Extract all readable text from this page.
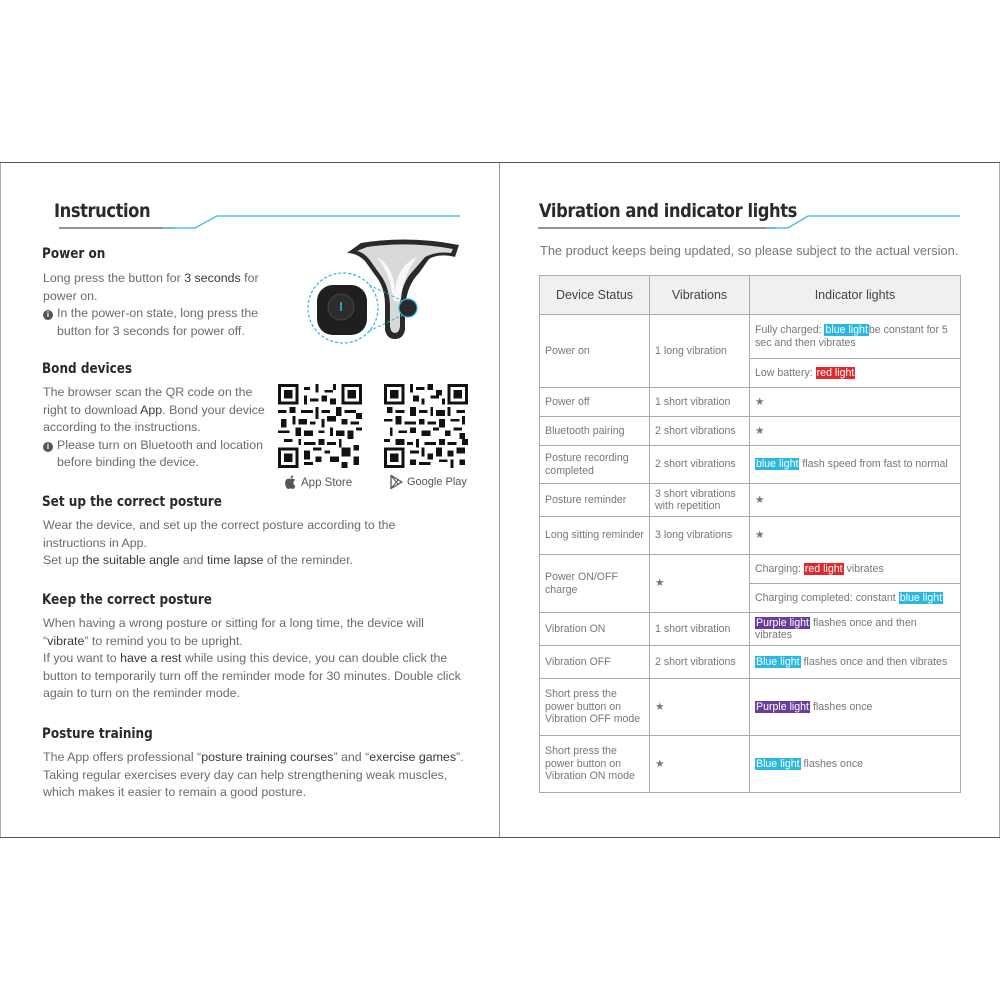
Instruction
Power on
Long press the button for 3 seconds for power on.
i In the power-on state, long press the button for 3 seconds for power off.
Bond devices
The browser scan the QR code on the right to download App. Bond your device according to the instructions.
i Please turn on Bluetooth and location before binding the device.
App Store	Google Play
Set up the correct posture
Wear the device, and set up the correct posture according to the instructions in App.
Set up the suitable angle and time lapse of the reminder.
Keep the correct posture
When having a wrong posture or sitting for a long time, the device will
“vibrate” to remind you to be upright.
If you want to have a rest while using this device, you can double click the button to temporarily turn off the reminder mode for 30 minutes. Double click again to turn on the reminder mode.
Posture training
The App offers professional “posture training courses” and “exercise games”.
Taking regular exercises every day can help strengthening weak muscles, which makes it easier to remain a good posture.
Vibration and indicator lights
The product keeps being updated, so please subject to the actual version.
Device Status	Vibrations	Indicator lights
Power on	1 long vibration	Fully charged: blue lightbe constant for 5 sec and then vibrates
		Low battery: red light
Power off	1 short vibration	★
Bluetooth pairing	2 short vibrations	★
Posture recording completed	2 short vibrations	blue light flash speed from fast to normal
Posture reminder	3 short vibrations with repetition	★
Long sitting reminder	3 long vibrations	★
Power ON/OFF charge	★	Charging: red light vibrates
		Charging completed: constant blue light
Vibration ON	1 short vibration	Purple light flashes once and then vibrates
Vibration OFF	2 short vibrations	Blue light flashes once and then vibrates
Short press the power button on Vibration OFF mode	★	Purple light flashes once
Short press the power button on Vibration ON mode	★	Blue light flashes once
